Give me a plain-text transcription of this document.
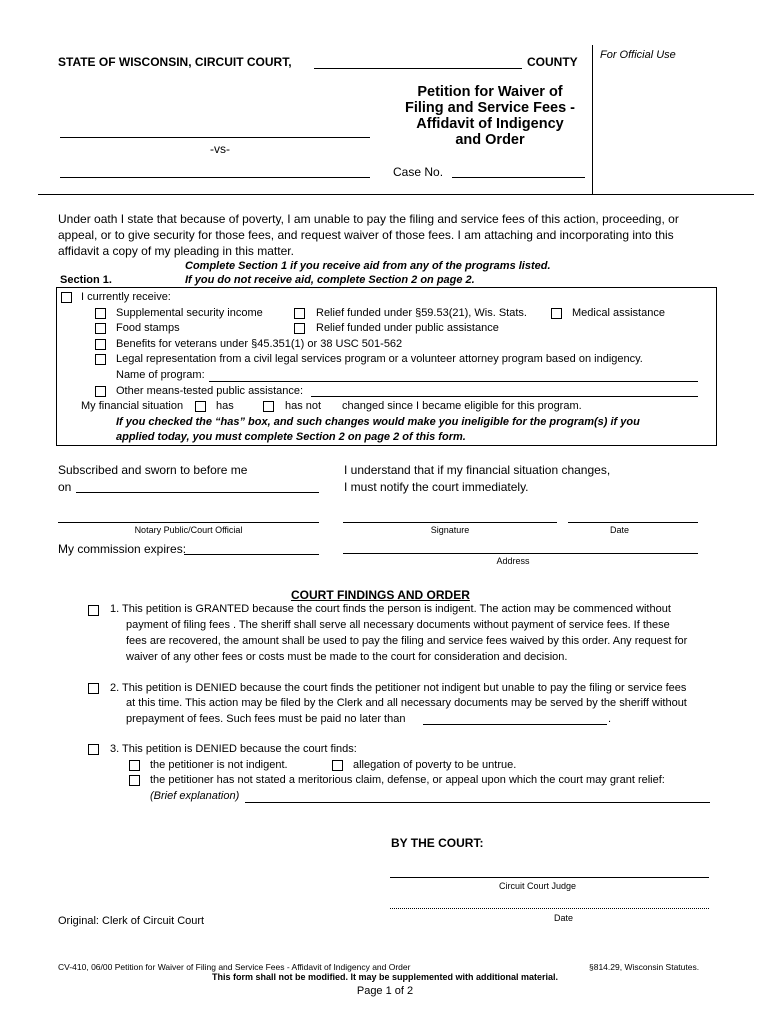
STATE OF WISCONSIN, CIRCUIT COURT,	COUNTY For Official Use
Petition for Waiver of
Filing and Service Fees -
Affidavit of Indigency
and Order
-vs-
Case No.
Under oath I state that because of poverty, I am unable to pay the filing and service fees of this action, proceeding, or
appeal, or to give security for those fees, and request waiver of those fees. I am attaching and incorporating into this
affidavit a copy of my pleading in this matter.
Complete Section 1 if you receive aid from any of the programs listed.
Section 1.	If you do not receive aid, complete Section 2 on page 2.
I currently receive:
Supplemental security income	Relief funded under §59.53(21), Wis. Stats.	Medical assistance
Food stamps	Relief funded under public assistance
Benefits for veterans under §45.351(1) or 38 USC 501-562
Legal representation from a civil legal services program or a volunteer attorney program based on indigency.
Name of program:
Other means-tested public assistance:
My financial situation	has	has not changed since I became eligible for this program.
If you checked the “has” box, and such changes would make you ineligible for the program(s) if you
applied today, you must complete Section 2 on page 2 of this form.
Subscribed and sworn to before me
on
I understand that if my financial situation changes,
I must notify the court immediately.
Notary Public/Court Official	Signature	Date
My commission expires:
Address
COURT FINDINGS AND ORDER
1. This petition is GRANTED because the court finds the person is indigent. The action may be commenced without
payment of filing fees . The sheriff shall serve all necessary documents without payment of service fees. If these
fees are recovered, the amount shall be used to pay the filing and service fees waived by this order. Any request for
waiver of any other fees or costs must be made to the court for consideration and decision.
2. This petition is DENIED because the court finds the petitioner not indigent but unable to pay the filing or service fees
at this time. This action may be filed by the Clerk and all necessary documents may be served by the sheriff without
prepayment of fees. Such fees must be paid no later than	.
3. This petition is DENIED because the court finds:
the petitioner is not indigent.	allegation of poverty to be untrue.
the petitioner has not stated a meritorious claim, defense, or appeal upon which the court may grant relief:
(Brief explanation)
BY THE COURT:
Circuit Court Judge
Date
Original: Clerk of Circuit Court
CV-410, 06/00 Petition for Waiver of Filing and Service Fees - Affidavit of Indigency and Order	§814.29, Wisconsin Statutes.
This form shall not be modified. It may be supplemented with additional material.
Page 1 of 2
